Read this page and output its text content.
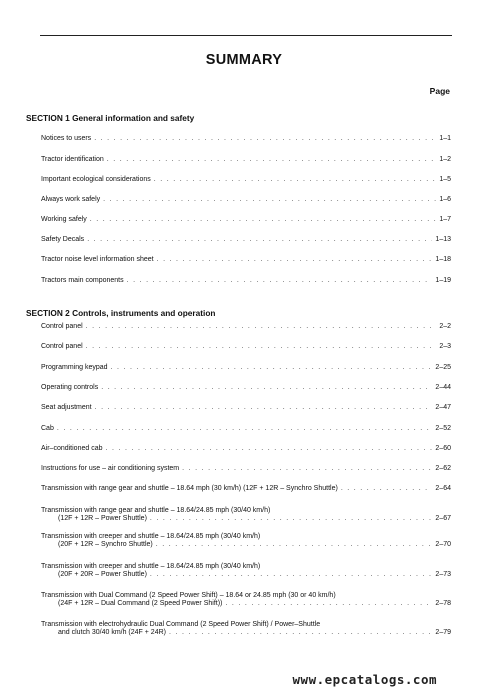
SUMMARY
Page
SECTION 1 General information and safety
Notices to users . . .	1–1
Tractor identification . . .	1–2
Important ecological considerations . . .	1–5
Always work safely . . .	1–6
Working safely . . .	1–7
Safety Decals . . .	1–13
Tractor noise level information sheet . . .	1–18
Tractors main components . . .	1–19
SECTION 2 Controls, instruments and operation
Control panel . . .	2–2
Control panel . . .	2–3
Programming keypad . . .	2–25
Operating controls . . .	2–44
Seat adjustment . . .	2–47
Cab . . .	2–52
Air–conditioned cab . . .	2–60
Instructions for use – air conditioning system . . .	2–62
Transmission with range gear and shuttle – 18.64 mph (30 km/h) (12F + 12R – Synchro Shuttle) . . .	2–64
Transmission with range gear and shuttle – 18.64/24.85 mph (30/40 km/h)
(12F + 12R – Power Shuttle) . . .	2–67
Transmission with creeper and shuttle – 18.64/24.85 mph (30/40 km/h)
(20F + 12R – Synchro Shuttle) . . .	2–70
Transmission with creeper and shuttle – 18.64/24.85 mph (30/40 km/h)
(20F + 20R – Power Shuttle) . . .	2–73
Transmission with Dual Command (2 Speed Power Shift) – 18.64 or 24.85 mph (30 or 40 km/h)
(24F + 12R – Dual Command (2 Speed Power Shift)) . . .	2–78
Transmission with electrohydraulic Dual Command (2 Speed Power Shift) / Power–Shuttle
and clutch 30/40 km/h (24F + 24R) . . .	2–79
www.epcatalogs.com
